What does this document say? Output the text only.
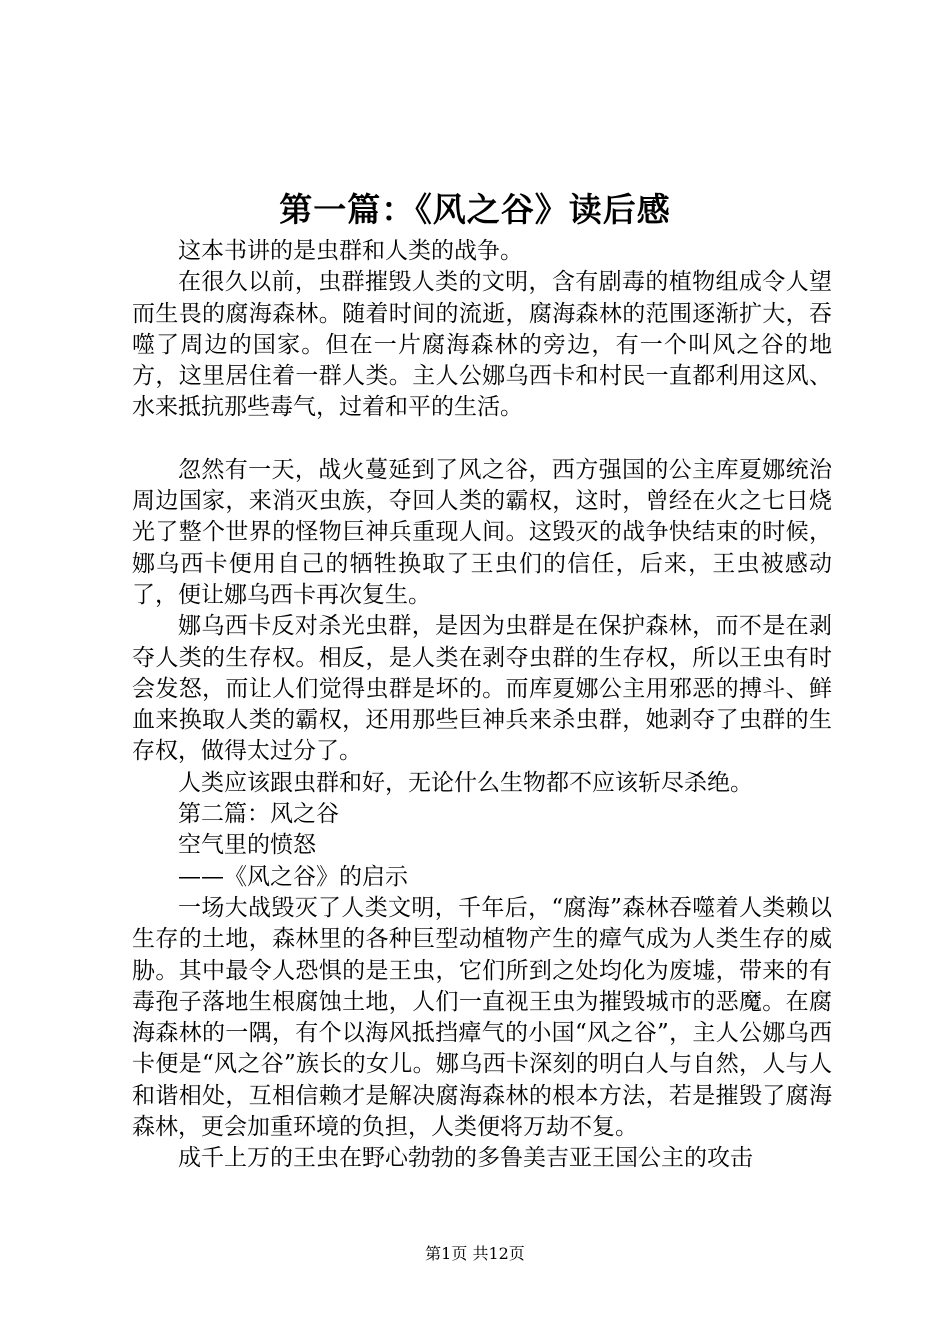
第一篇：《风之谷》读后感

这本书讲的是虫群和人类的战争。

在很久以前，虫群摧毁人类的文明，含有剧毒的植物组成令人望而生畏的腐海森林。随着时间的流逝，腐海森林的范围逐渐扩大，吞噬了周边的国家。但在一片腐海森林的旁边，有一个叫风之谷的地方，这里居住着一群人类。主人公娜乌西卡和村民一直都利用这风、水来抵抗那些毒气，过着和平的生活。

忽然有一天，战火蔓延到了风之谷，西方强国的公主库夏娜统治周边国家，来消灭虫族，夺回人类的霸权，这时，曾经在火之七日烧光了整个世界的怪物巨神兵重现人间。这毁灭的战争快结束的时候，娜乌西卡便用自己的牺牲换取了王虫们的信任，后来，王虫被感动了，便让娜乌西卡再次复生。

娜乌西卡反对杀光虫群，是因为虫群是在保护森林，而不是在剥夺人类的生存权。相反，是人类在剥夺虫群的生存权，所以王虫有时会发怒，而让人们觉得虫群是坏的。而库夏娜公主用邪恶的搏斗、鲜血来换取人类的霸权，还用那些巨神兵来杀虫群，她剥夺了虫群的生存权，做得太过分了。

人类应该跟虫群和好，无论什么生物都不应该斩尽杀绝。

第二篇：风之谷

空气里的愤怒

——《风之谷》的启示

一场大战毁灭了人类文明，千年后，“腐海”森林吞噬着人类赖以生存的土地，森林里的各种巨型动植物产生的瘴气成为人类生存的威胁。其中最令人恐惧的是王虫，它们所到之处均化为废墟，带来的有毒孢子落地生根腐蚀土地，人们一直视王虫为摧毁城市的恶魔。在腐海森林的一隅，有个以海风抵挡瘴气的小国“风之谷”，主人公娜乌西卡便是“风之谷”族长的女儿。娜乌西卡深刻的明白人与自然，人与人和谐相处，互相信赖才是解决腐海森林的根本方法，若是摧毁了腐海森林，更会加重环境的负担，人类便将万劫不复。

成千上万的王虫在野心勃勃的多鲁美吉亚王国公主的攻击

第1页 共12页
